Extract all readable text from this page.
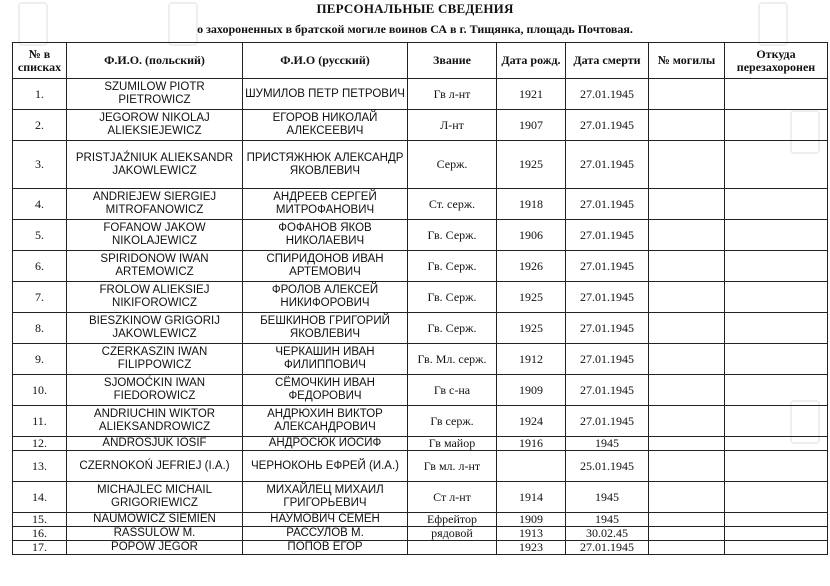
ПЕРСОНАЛЬНЫЕ СВЕДЕНИЯ
о захороненных в братской могиле воинов СА в г. Тищянка, площадь Почтовая.
№ в списках	Ф.И.О. (польский)	Ф.И.О (русский)	Звание	Дата рожд.	Дата смерти	№ могилы	Откуда перезахоронен
1.	SZUMILOW PIOTR PIETROWICZ	ШУМИЛОВ ПЕТР ПЕТРОВИЧ	Гв л-нт	1921	27.01.1945		
2.	JEGOROW NIKOLAJ ALIEKSIEJEWICZ	ЕГОРОВ НИКОЛАЙ АЛЕКСЕЕВИЧ	Л-нт	1907	27.01.1945		
3.	PRISTJAŹNIUK ALIEKSANDR JAKOWLEWICZ	ПРИСТЯЖНЮК АЛЕКСАНДР ЯКОВЛЕВИЧ	Серж.	1925	27.01.1945		
4.	ANDRIEJEW SIERGIEJ MITROFANOWICZ	АНДРЕЕВ СЕРГЕЙ МИТРОФАНОВИЧ	Ст. серж.	1918	27.01.1945		
5.	FOFANOW JAKOW NIKOLAJEWICZ	ФОФАНОВ ЯКОВ НИКОЛАЕВИЧ	Гв. Серж.	1906	27.01.1945		
6.	SPIRIDONOW IWAN ARTEMOWICZ	СПИРИДОНОВ ИВАН АРТЕМОВИЧ	Гв. Серж.	1926	27.01.1945		
7.	FROLOW ALIEKSIEJ NIKIFOROWICZ	ФРОЛОВ АЛЕКСЕЙ НИКИФОРОВИЧ	Гв. Серж.	1925	27.01.1945		
8.	BIESZKINOW GRIGORIJ JAKOWLEWICZ	БЕШКИНОВ ГРИГОРИЙ ЯКОВЛЕВИЧ	Гв. Серж.	1925	27.01.1945		
9.	CZERKASZIN IWAN FILIPPOWICZ	ЧЕРКАШИН ИВАН ФИЛИППОВИЧ	Гв. Мл. серж.	1912	27.01.1945		
10.	SJOMOĆKIN IWAN FIEDOROWICZ	СЁМОЧКИН ИВАН ФЕДОРОВИЧ	Гв с-на	1909	27.01.1945		
11.	ANDRIUCHIN WIKTOR ALIEKSANDROWICZ	АНДРЮХИН ВИКТОР АЛЕКСАНДРОВИЧ	Гв серж.	1924	27.01.1945		
12.	ANDROSJUK IOSIF	АНДРОСЮК ИОСИФ	Гв майор	1916	1945		
13.	CZERNOKOŃ JEFRIEJ (I.A.)	ЧЕРНОКОНЬ ЕФРЕЙ (И.А.)	Гв мл. л-нт		25.01.1945		
14.	MICHAJLEC MICHAIL GRIGORIEWICZ	МИХАЙЛЕЦ МИХАИЛ ГРИГОРЬЕВИЧ	Ст л-нт	1914	1945		
15.	NAUMOWICZ SIEMIEN	НАУМОВИЧ СЕМЕН	Ефрейтор	1909	1945		
16.	RASSULOW M.	РАССУЛОВ М.	рядовой	1913	30.02.45		
17.	POPOW JEGOR	ПОПОВ ЕГОР		1923	27.01.1945		
